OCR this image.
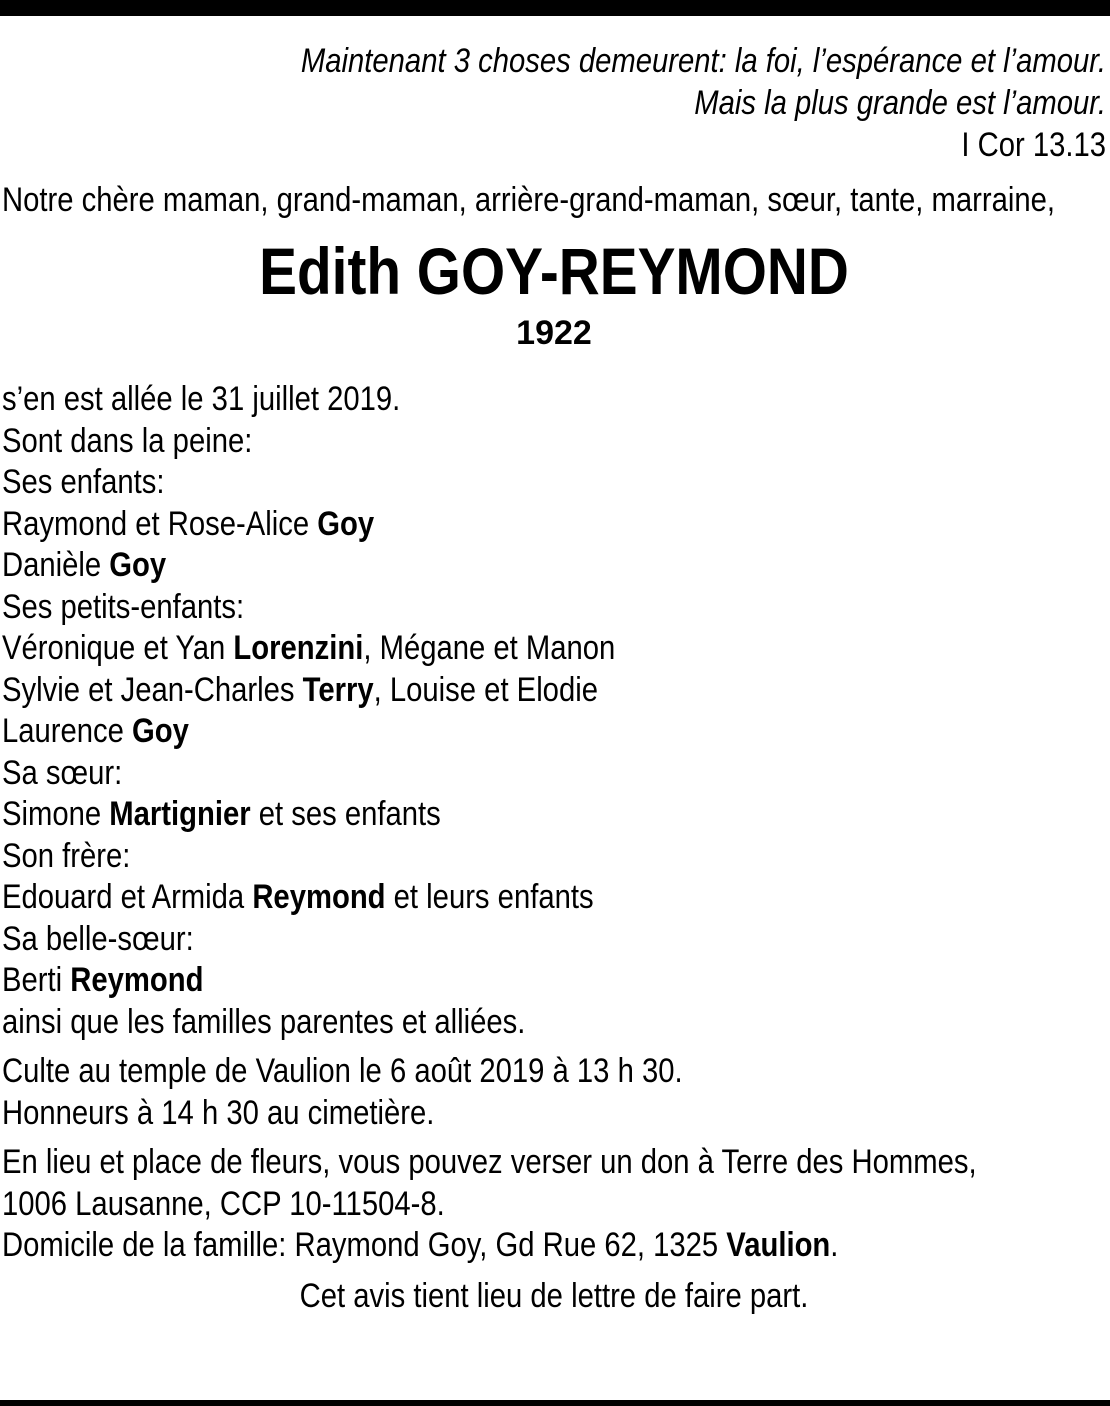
Maintenant 3 choses demeurent: la foi, l’espérance et l’amour.
Mais la plus grande est l’amour.
I Cor 13.13
Notre chère maman, grand-maman, arrière-grand-maman, sœur, tante, marraine,
Edith GOY-REYMOND
1922
s’en est allée le 31 juillet 2019.
Sont dans la peine:
Ses enfants:
Raymond et Rose-Alice Goy
Danièle Goy
Ses petits-enfants:
Véronique et Yan Lorenzini, Mégane et Manon
Sylvie et Jean-Charles Terry, Louise et Elodie
Laurence Goy
Sa sœur:
Simone Martignier et ses enfants
Son frère:
Edouard et Armida Reymond et leurs enfants
Sa belle-sœur:
Berti Reymond
ainsi que les familles parentes et alliées.
Culte au temple de Vaulion le 6 août 2019 à 13 h 30.
Honneurs à 14 h 30 au cimetière.
En lieu et place de fleurs, vous pouvez verser un don à Terre des Hommes,
1006 Lausanne, CCP 10-11504-8.
Domicile de la famille: Raymond Goy, Gd Rue 62, 1325 Vaulion.
Cet avis tient lieu de lettre de faire part.
